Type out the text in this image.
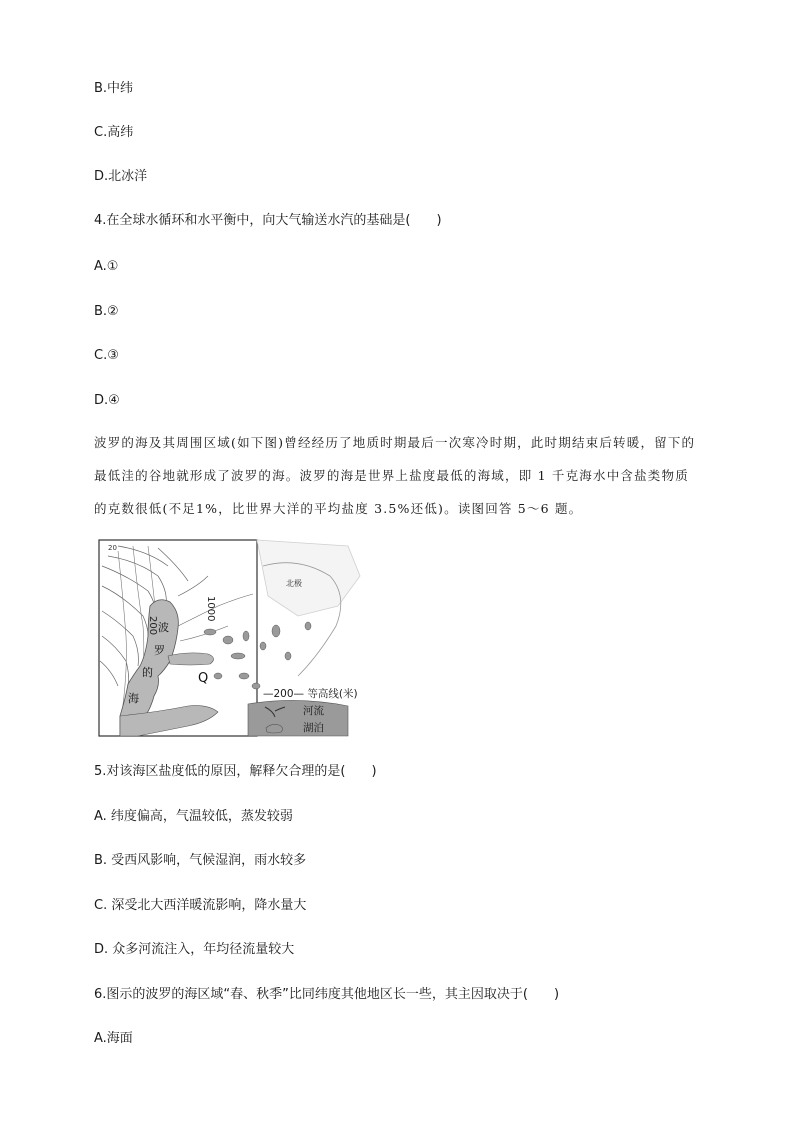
B.中纬

C.高纬

D.北冰洋

4.在全球水循环和水平衡中，向大气输送水汽的基础是(　　)

A.①

B.②

C.③

D.④

波罗的海及其周围区域(如下图)曾经经历了地质时期最后一次寒冷时期，此时期结束后转暖，留下的最低洼的谷地就形成了波罗的海。波罗的海是世界上盐度最低的海域，即 1 千克海水中含盐类物质的克数很低(不足1%，比世界大洋的平均盐度 3.5%还低)。读图回答 5～6 题。

20
200
1000
Q
北极
波
罗
的
海	—200— 等高线(米)
河流
湖泊

5.对该海区盐度低的原因，解释欠合理的是(　　)

A. 纬度偏高，气温较低，蒸发较弱

B. 受西风影响，气候湿润，雨水较多

C. 深受北大西洋暖流影响，降水量大

D. 众多河流注入，年均径流量较大

6.图示的波罗的海区域“春、秋季”比同纬度其他地区长一些，其主因取决于(　　)

A.海面
